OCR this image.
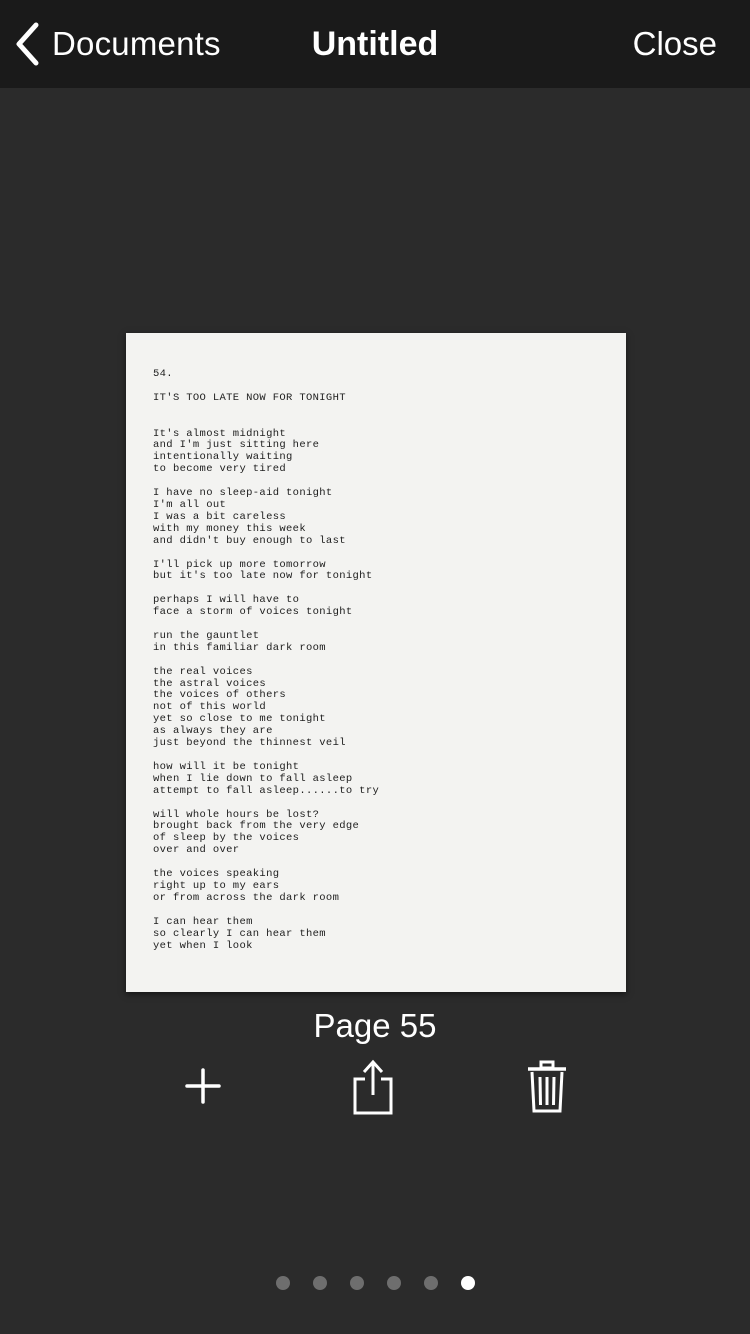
Documents	Untitled	Close
54.

IT'S TOO LATE NOW FOR TONIGHT

It's almost midnight
and I'm just sitting here
intentionally waiting
to become very tired

I have no sleep-aid tonight
I'm all out
I was a bit careless
with my money this week
and didn't buy enough to last

I'll pick up more tomorrow
but it's too late now for tonight

perhaps I will have to
face a storm of voices tonight

run the gauntlet
in this familiar dark room

the real voices
the astral voices
the voices of others
not of this world
yet so close to me tonight
as always they are
just beyond the thinnest veil

how will it be tonight
when I lie down to fall asleep
attempt to fall asleep......to try

will whole hours be lost?
brought back from the very edge
of sleep by the voices
over and over

the voices speaking
right up to my ears
or from across the dark room

I can hear them
so clearly I can hear them
yet when I look
Page 55
